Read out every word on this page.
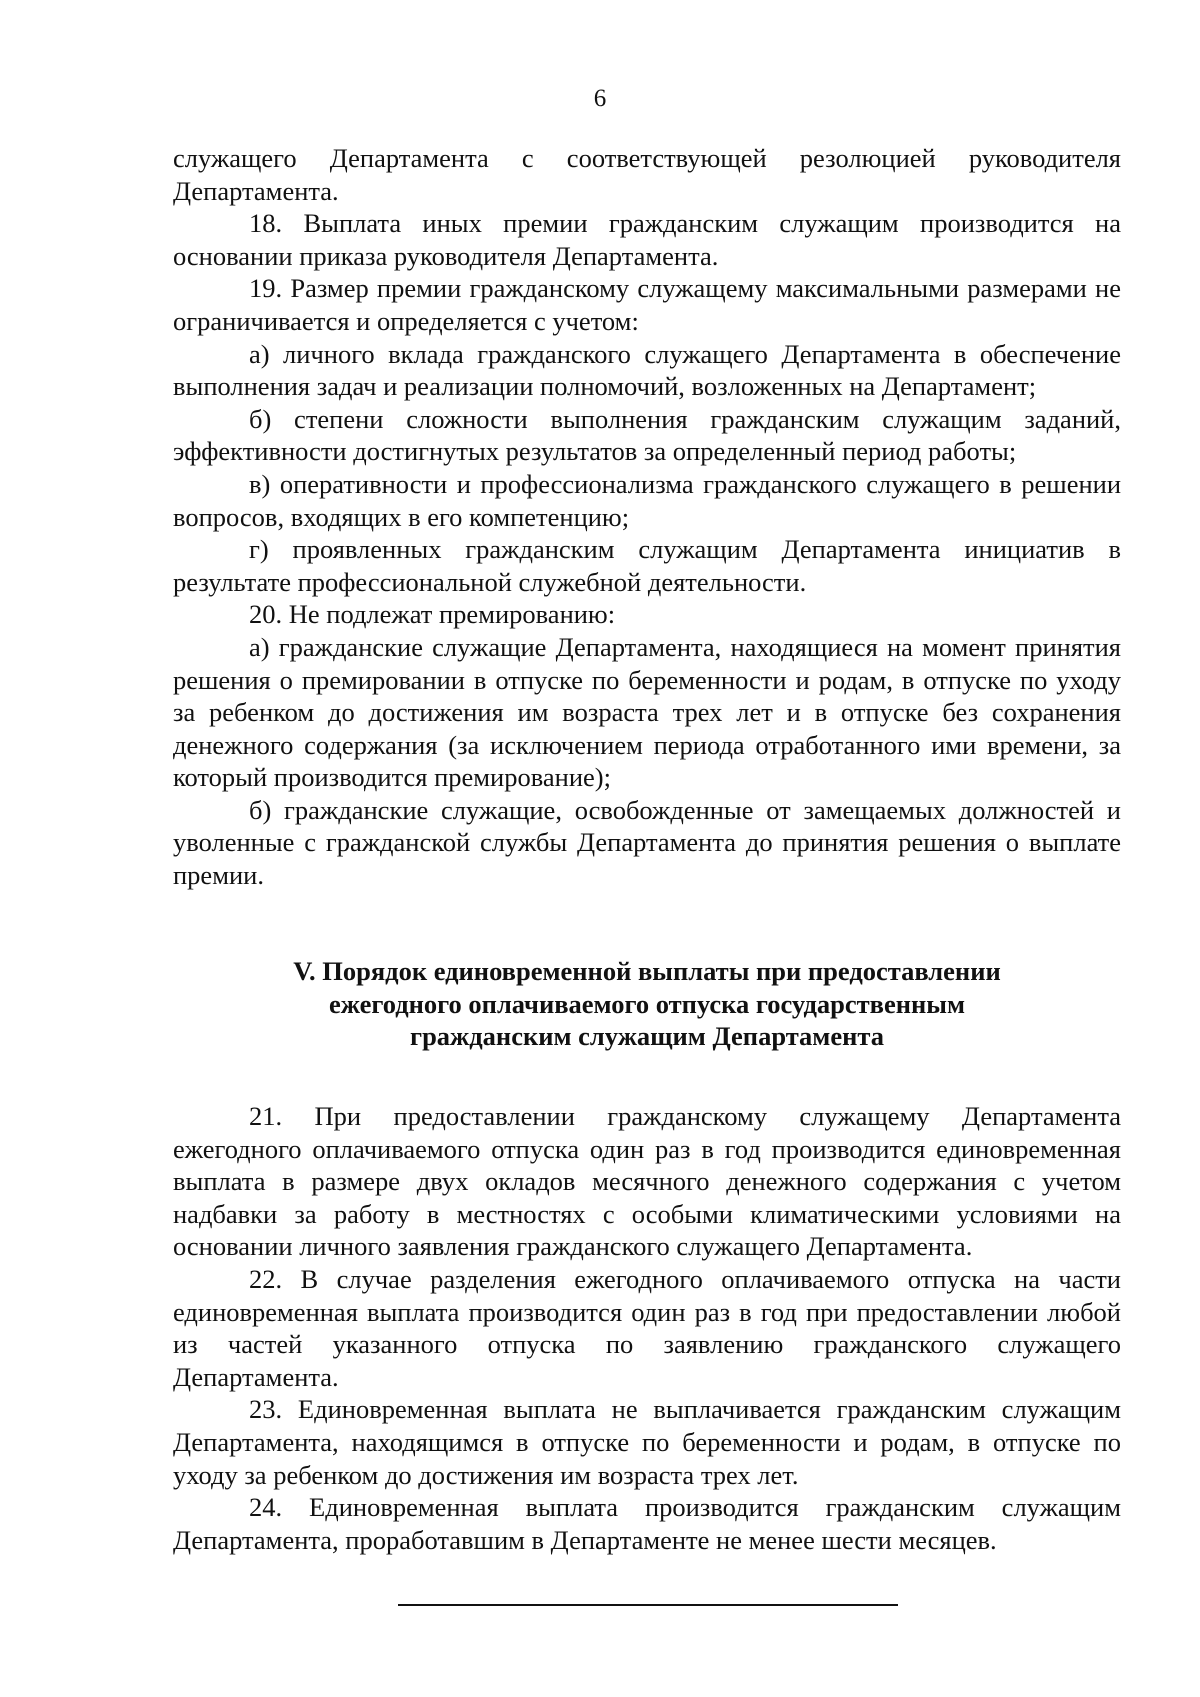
6

служащего Департамента с соответствующей резолюцией руководителя Департамента.

18. Выплата иных премии гражданским служащим производится на основании приказа руководителя Департамента.

19. Размер премии гражданскому служащему максимальными размерами не ограничивается и определяется с учетом:

а) личного вклада гражданского служащего Департамента в обеспечение выполнения задач и реализации полномочий, возложенных на Департамент;

б) степени сложности выполнения гражданским служащим заданий, эффективности достигнутых результатов за определенный период работы;

в) оперативности и профессионализма гражданского служащего в решении вопросов, входящих в его компетенцию;

г) проявленных гражданским служащим Департамента инициатив в результате профессиональной служебной деятельности.

20. Не подлежат премированию:

а) гражданские служащие Департамента, находящиеся на момент принятия решения о премировании в отпуске по беременности и родам, в отпуске по уходу за ребенком до достижения им возраста трех лет и в отпуске без сохранения денежного содержания (за исключением периода отработанного ими времени, за который производится премирование);

б) гражданские служащие, освобожденные от замещаемых должностей и уволенные с гражданской службы Департамента до принятия решения о выплате премии.

V. Порядок единовременной выплаты при предоставлении
ежегодного оплачиваемого отпуска государственным
гражданским служащим Департамента

21. При предоставлении гражданскому служащему Департамента ежегодного оплачиваемого отпуска один раз в год производится единовременная выплата в размере двух окладов месячного денежного содержания с учетом надбавки за работу в местностях с особыми климатическими условиями на основании личного заявления гражданского служащего Департамента.

22. В случае разделения ежегодного оплачиваемого отпуска на части единовременная выплата производится один раз в год при предоставлении любой из частей указанного отпуска по заявлению гражданского служащего Департамента.

23. Единовременная выплата не выплачивается гражданским служащим Департамента, находящимся в отпуске по беременности и родам, в отпуске по уходу за ребенком до достижения им возраста трех лет.

24. Единовременная выплата производится гражданским служащим Департамента, проработавшим в Департаменте не менее шести месяцев.
